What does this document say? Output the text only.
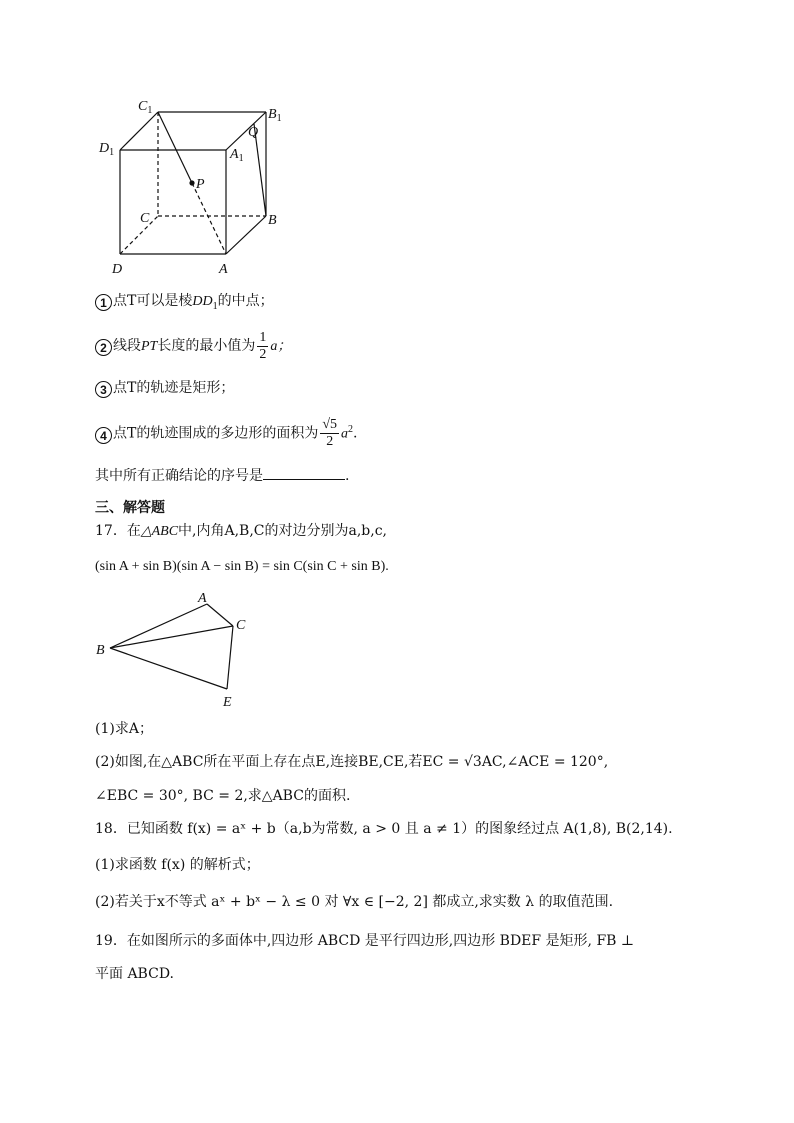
$C_1$	$B_1$
$D_1$	$A_1$
Q
P
C	B
D	A
1 点T可以是棱$DD_1$的中点；
2 线段PT长度的最小值为 $\frac{1}{2}$ a；
3 点T的轨迹是矩形；
4 点T的轨迹围成的多边形的面积为 $\frac{√5}{2} a^2$.
其中所有正确结论的序号是	.
三、解答题
17．在△ABC中,内角A,B,C的对边分别为a,b,c,
(sin A + sin B)(sin A − sin B) = sin C(sin C + sin B).
A
B
C
E
(1)求A；
(2)如图,在△ABC所在平面上存在点E,连接BE,CE,若EC = √3AC,∠ACE = 120°,
∠EBC = 30°, BC = 2,求△ABC的面积.
18．已知函数 f(x) = aˣ + b（a,b为常数, a > 0 且 a ≠ 1）的图象经过点 A(1,8), B(2,14).
(1)求函数 f(x) 的解析式；
(2)若关于x不等式 aˣ + bˣ − λ ≤ 0 对 ∀x ∈ [−2, 2] 都成立,求实数 λ 的取值范围.
19．在如图所示的多面体中,四边形 ABCD 是平行四边形,四边形 BDEF 是矩形, FB ⊥
平面 ABCD.
